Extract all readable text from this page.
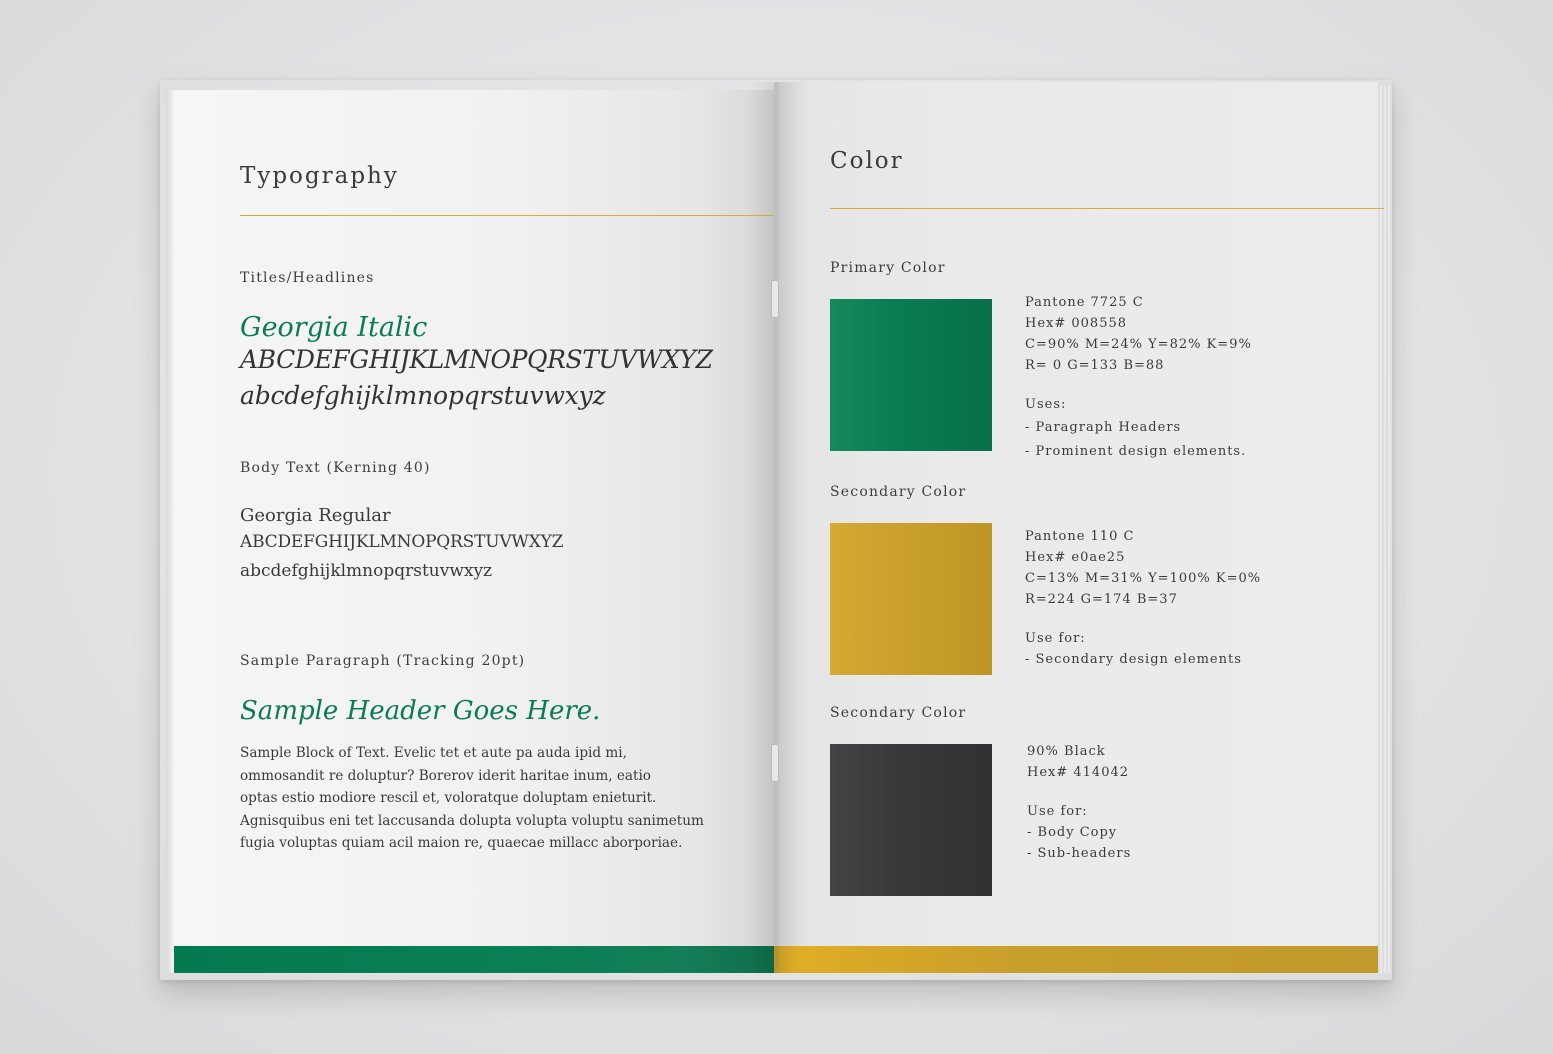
Typography
Titles/Headlines
Georgia Italic
ABCDEFGHIJKLMNOPQRSTUVWXYZ
abcdefghijklmnopqrstuvwxyz
Body Text (Kerning 40)
Georgia Regular
ABCDEFGHIJKLMNOPQRSTUVWXYZ
abcdefghijklmnopqrstuvwxyz
Sample Paragraph (Tracking 20pt)
Sample Header Goes Here.
Sample Block of Text. Evelic tet et aute pa auda ipid mi,
ommosandit re doluptur? Borerov iderit haritae inum, eatio
optas estio modiore rescil et, voloratque doluptam enieturit.
Agnisquibus eni tet laccusanda dolupta volupta voluptu sanimetum
fugia voluptas quiam acil maion re, quaecae millacc aborporiae.
Color
Primary Color
Pantone 7725 C
Hex# 008558
C=90% M=24% Y=82% K=9%
R= 0 G=133 B=88
Uses:
- Paragraph Headers
- Prominent design elements.
Secondary Color
Pantone 110 C
Hex# e0ae25
C=13% M=31% Y=100% K=0%
R=224 G=174 B=37
Use for:
- Secondary design elements
Secondary Color
90% Black
Hex# 414042
Use for:
- Body Copy
- Sub-headers
